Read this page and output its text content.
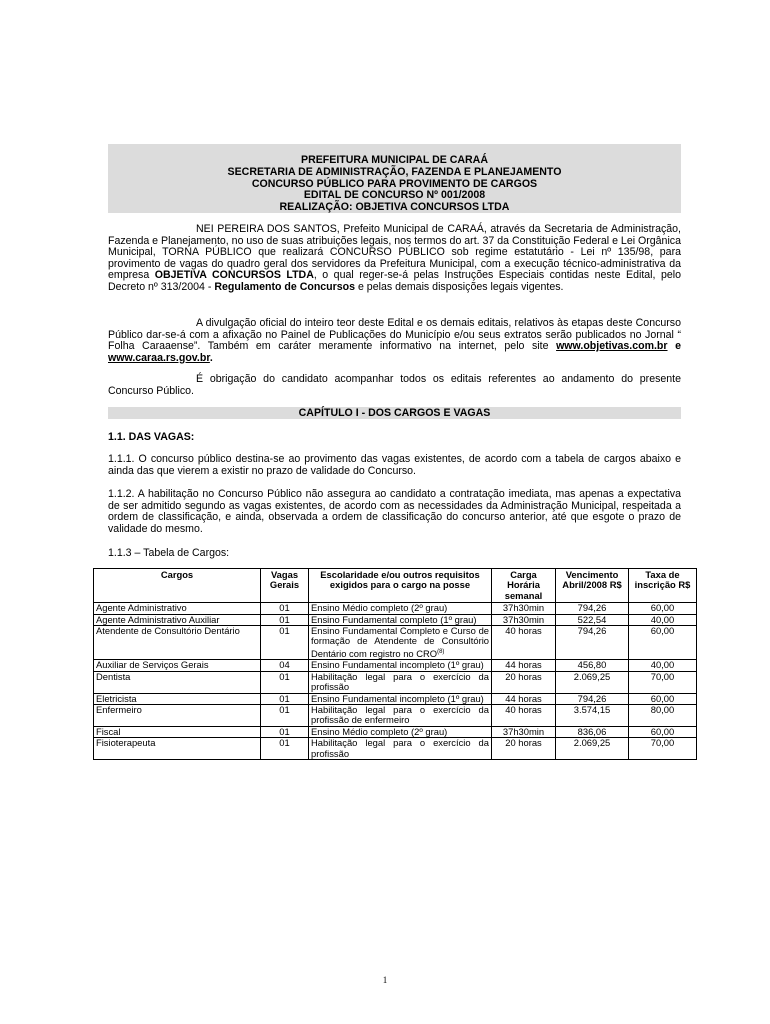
PREFEITURA MUNICIPAL DE CARAÁ
SECRETARIA DE ADMINISTRAÇÃO, FAZENDA E PLANEJAMENTO
CONCURSO PÚBLICO PARA PROVIMENTO DE CARGOS
EDITAL DE CONCURSO Nº 001/2008
REALIZAÇÃO: OBJETIVA CONCURSOS LTDA

NEI PEREIRA DOS SANTOS, Prefeito Municipal de CARAÁ, através da Secretaria de Administração, Fazenda e Planejamento, no uso de suas atribuições legais, nos termos do art. 37 da Constituição Federal e Lei Orgânica Municipal, TORNA PÚBLICO que realizará CONCURSO PÚBLICO sob regime estatutário - Lei nº 135/98, para provimento de vagas do quadro geral dos servidores da Prefeitura Municipal, com a execução técnico-administrativa da empresa OBJETIVA CONCURSOS LTDA, o qual reger-se-á pelas Instruções Especiais contidas neste Edital, pelo Decreto nº 313/2004 - Regulamento de Concursos e pelas demais disposições legais vigentes.

A divulgação oficial do inteiro teor deste Edital e os demais editais, relativos às etapas deste Concurso Público dar-se-á com a afixação no Painel de Publicações do Município e/ou seus extratos serão publicados no Jornal “ Folha Caraaense”. Também em caráter meramente informativo na internet, pelo site www.objetivas.com.br e www.caraa.rs.gov.br.

É obrigação do candidato acompanhar todos os editais referentes ao andamento do presente Concurso Público.

CAPÍTULO I - DOS CARGOS E VAGAS
1.1. DAS VAGAS:

1.1.1. O concurso público destina-se ao provimento das vagas existentes, de acordo com a tabela de cargos abaixo e ainda das que vierem a existir no prazo de validade do Concurso.

1.1.2. A habilitação no Concurso Público não assegura ao candidato a contratação imediata, mas apenas a expectativa de ser admitido segundo as vagas existentes, de acordo com as necessidades da Administração Municipal, respeitada a ordem de classificação, e ainda, observada a ordem de classificação do concurso anterior, até que esgote o prazo de validade do mesmo.

1.1.3 – Tabela de Cargos:

Cargos	Vagas Gerais	Escolaridade e/ou outros requisitos exigidos para o cargo na posse	Carga Horária semanal	Vencimento Abril/2008 R$	Taxa de inscrição R$
Agente Administrativo	01	Ensino Médio completo (2º grau)	37h30min	794,26	60,00
Agente Administrativo Auxiliar	01	Ensino Fundamental completo (1º grau)	37h30min	522,54	40,00
Atendente de Consultório Dentário	01	Ensino Fundamental Completo e Curso de formação de Atendente de Consultório Dentário com registro no CRO$^{(8)}$	40 horas	794,26	60,00
Auxiliar de Serviços Gerais	04	Ensino Fundamental incompleto (1º grau)	44 horas	456,80	40,00
Dentista	01	Habilitação legal para o exercício da profissão	20 horas	2.069,25	70,00
Eletricista	01	Ensino Fundamental incompleto (1º grau)	44 horas	794,26	60,00
Enfermeiro	01	Habilitação legal para o exercício da profissão de enfermeiro	40 horas	3.574,15	80,00
Fiscal	01	Ensino Médio completo (2º grau)	37h30min	836,06	60,00
Fisioterapeuta	01	Habilitação legal para o exercício da profissão	20 horas	2.069,25	70,00
1
